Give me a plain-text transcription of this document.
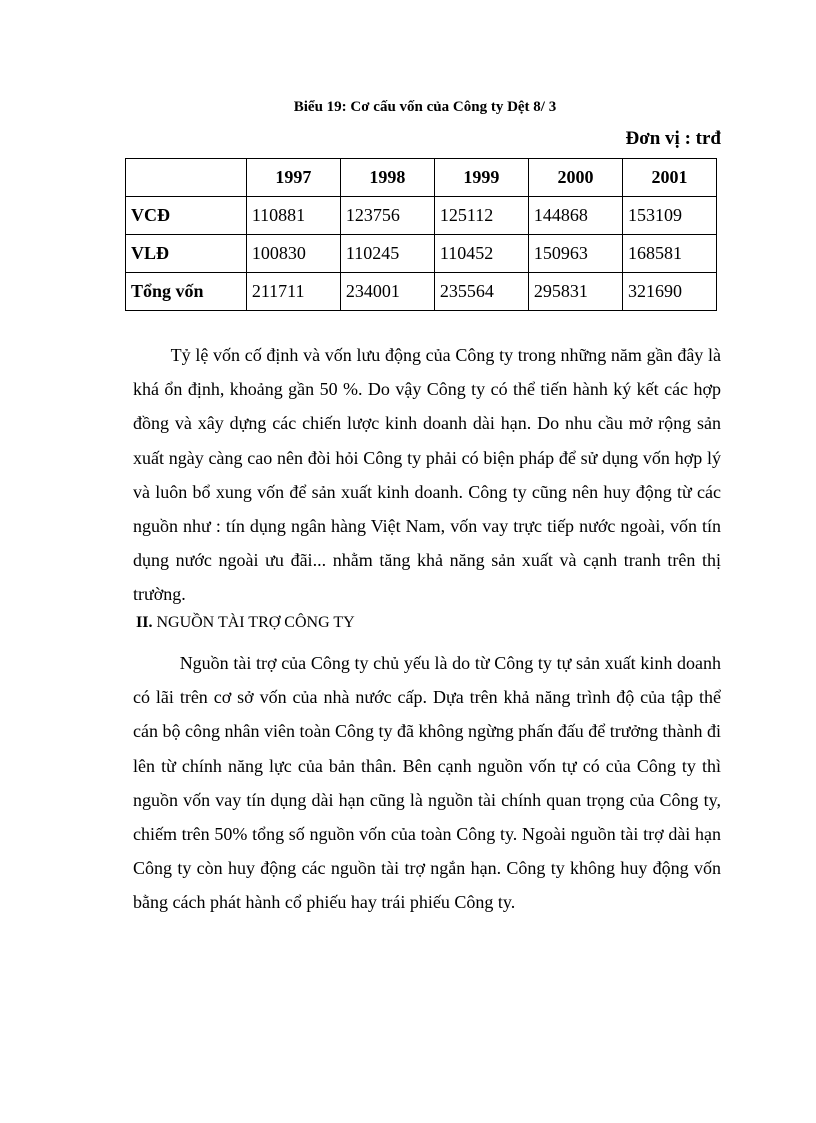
Biểu 19: Cơ cấu vốn của Công ty Dệt 8/ 3
Đơn vị : trđ
	1997	1998	1999	2000	2001
VCĐ	110881	123756	125112	144868	153109
VLĐ	100830	110245	110452	150963	168581
Tổng vốn	211711	234001	235564	295831	321690
Tỷ lệ vốn cố định và vốn lưu động của Công ty trong những năm gần đây là khá ổn định, khoảng gần 50 %. Do vậy Công ty có thể tiến hành ký kết các hợp đồng và xây dựng các chiến lược kinh doanh dài hạn. Do nhu cầu mở rộng sản xuất ngày càng cao nên đòi hỏi Công ty phải có biện pháp để sử dụng vốn hợp lý và luôn bổ xung vốn để sản xuất kinh doanh. Công ty cũng nên huy động từ các nguồn như : tín dụng ngân hàng Việt Nam, vốn vay trực tiếp nước ngoài, vốn tín dụng nước ngoài ưu đãi... nhằm tăng khả năng sản xuất và cạnh tranh trên thị trường.
II. NGUỒN TÀI TRỢ CÔNG TY
Nguồn tài trợ của Công ty chủ yếu là do từ Công ty tự sản xuất kinh doanh có lãi trên cơ sở vốn của nhà nước cấp. Dựa trên khả năng trình độ của tập thể cán bộ công nhân viên toàn Công ty đã không ngừng phấn đấu để trưởng thành đi lên từ chính năng lực của bản thân. Bên cạnh nguồn vốn tự có của Công ty thì nguồn vốn vay tín dụng dài hạn cũng là nguồn tài chính quan trọng của Công ty, chiếm trên 50% tổng số nguồn vốn của toàn Công ty. Ngoài nguồn tài trợ dài hạn Công ty còn huy động các nguồn tài trợ ngắn hạn. Công ty không huy động vốn bằng cách phát hành cổ phiếu hay trái phiếu Công ty.
